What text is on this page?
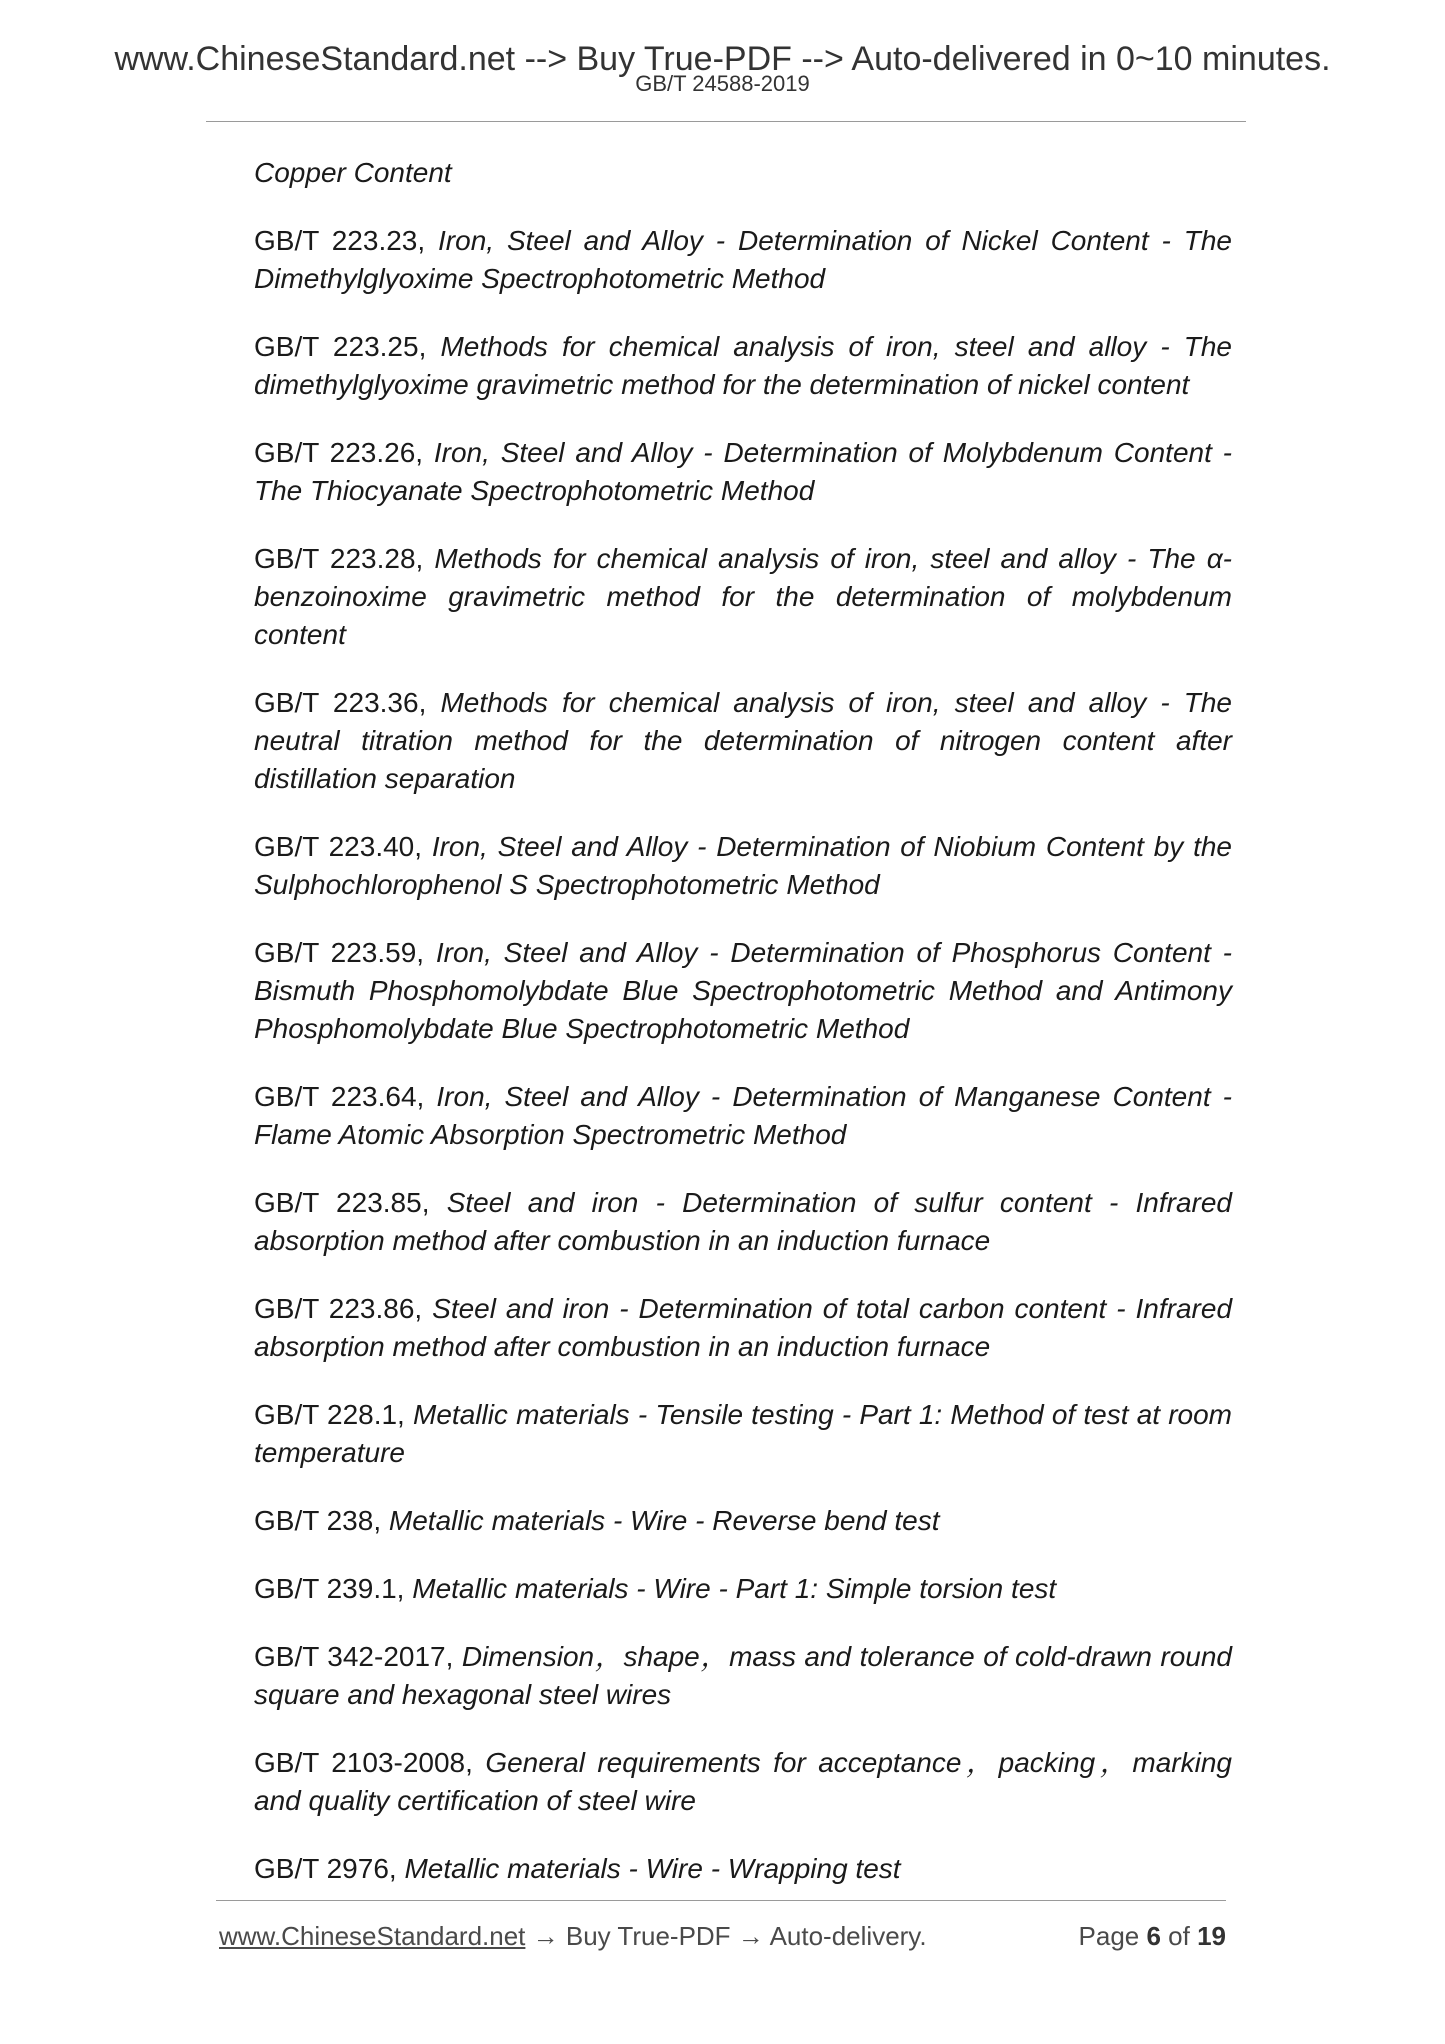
www.ChineseStandard.net --> Buy True-PDF --> Auto-delivered in 0~10 minutes.
GB/T 24588-2019

Copper Content

GB/T 223.23, Iron, Steel and Alloy - Determination of Nickel Content - The Dimethylglyoxime Spectrophotometric Method

GB/T 223.25, Methods for chemical analysis of iron, steel and alloy - The dimethylglyoxime gravimetric method for the determination of nickel content

GB/T 223.26, Iron, Steel and Alloy - Determination of Molybdenum Content - The Thiocyanate Spectrophotometric Method

GB/T 223.28, Methods for chemical analysis of iron, steel and alloy - The α-benzoinoxime gravimetric method for the determination of molybdenum content

GB/T 223.36, Methods for chemical analysis of iron, steel and alloy - The neutral titration method for the determination of nitrogen content after distillation separation

GB/T 223.40, Iron, Steel and Alloy - Determination of Niobium Content by the Sulphochlorophenol S Spectrophotometric Method

GB/T 223.59, Iron, Steel and Alloy - Determination of Phosphorus Content - Bismuth Phosphomolybdate Blue Spectrophotometric Method and Antimony Phosphomolybdate Blue Spectrophotometric Method

GB/T 223.64, Iron, Steel and Alloy - Determination of Manganese Content - Flame Atomic Absorption Spectrometric Method

GB/T 223.85, Steel and iron - Determination of sulfur content - Infrared absorption method after combustion in an induction furnace

GB/T 223.86, Steel and iron - Determination of total carbon content - Infrared absorption method after combustion in an induction furnace

GB/T 228.1, Metallic materials - Tensile testing - Part 1: Method of test at room temperature

GB/T 238, Metallic materials - Wire - Reverse bend test

GB/T 239.1, Metallic materials - Wire - Part 1: Simple torsion test

GB/T 342-2017, Dimension，shape，mass and tolerance of cold-drawn round square and hexagonal steel wires

GB/T 2103-2008, General requirements for acceptance，packing，marking and quality certification of steel wire

GB/T 2976, Metallic materials - Wire - Wrapping test

www.ChineseStandard.net → Buy True-PDF → Auto-delivery.	Page 6 of 19
